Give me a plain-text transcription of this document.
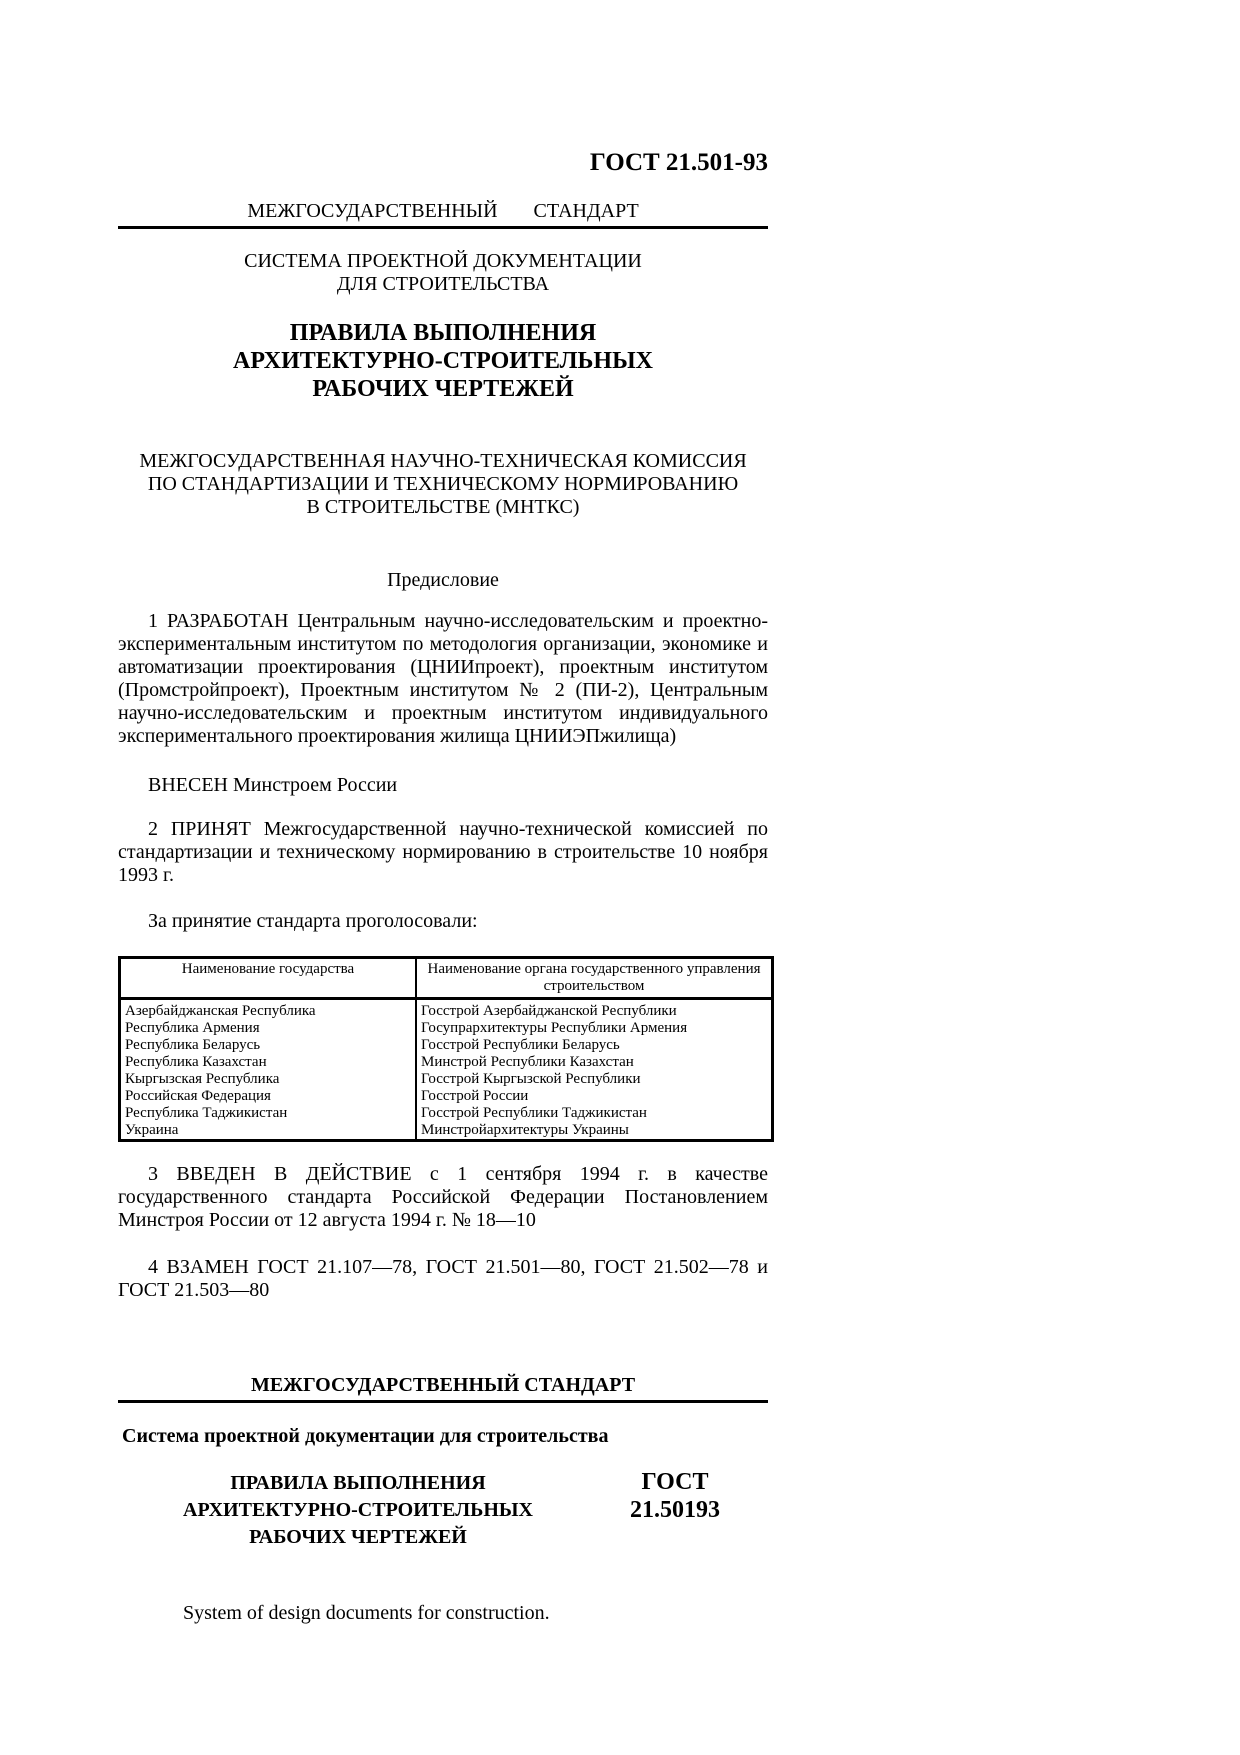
ГОСТ 21.501-93
МЕЖГОСУДАРСТВЕННЫЙ    СТАНДАРТ
СИСТЕМА ПРОЕКТНОЙ ДОКУМЕНТАЦИИ
ДЛЯ СТРОИТЕЛЬСТВА
ПРАВИЛА ВЫПОЛНЕНИЯ
АРХИТЕКТУРНО-СТРОИТЕЛЬНЫХ
РАБОЧИХ ЧЕРТЕЖЕЙ
МЕЖГОСУДАРСТВЕННАЯ НАУЧНО-ТЕХНИЧЕСКАЯ КОМИССИЯ
ПО СТАНДАРТИЗАЦИИ И ТЕХНИЧЕСКОМУ НОРМИРОВАНИЮ
В СТРОИТЕЛЬСТВЕ (МНТКС)
Предисловие

1 РАЗРАБОТАН Центральным научно-исследовательским и проектно-экспериментальным институтом по методология организации, экономике и автоматизации проектирования (ЦНИИпроект), проектным институтом (Промстройпроект), Проектным институтом № 2 (ПИ-2), Центральным научно-исследовательским и проектным институтом индивидуального экспериментального проектирования жилища ЦНИИЭПжилища)

ВНЕСЕН Минстроем России

2 ПРИНЯТ Межгосударственной научно-технической комиссией по стандартизации и техническому нормированию в строительстве 10 ноября 1993 г.

За принятие стандарта проголосовали:

Наименование государства	Наименование органа государственного управления строительством
Азербайджанская Республика	Госстрой Азербайджанской Республики
Республика Армения	Госупрархитектуры Республики Армения
Республика Беларусь	Госстрой Республики Беларусь
Республика Казахстан	Минстрой Республики Казахстан
Кыргызская Республика	Госстрой Кыргызской Республики
Российская Федерация	Госстрой России
Республика Таджикистан	Госстрой Республики Таджикистан
Украина	Минстройархитектуры Украины

3 ВВЕДЕН В ДЕЙСТВИЕ с 1 сентября 1994 г. в качестве государственного стандарта Российской Федерации Постановлением Минстроя России от 12 августа 1994 г. № 18—10

4 ВЗАМЕН ГОСТ 21.107—78, ГОСТ 21.501—80, ГОСТ 21.502—78 и ГОСТ 21.503—80

МЕЖГОСУДАРСТВЕННЫЙ СТАНДАРТ
Система проектной документации для строительства
ПРАВИЛА ВЫПОЛНЕНИЯ
АРХИТЕКТУРНО-СТРОИТЕЛЬНЫХ
РАБОЧИХ ЧЕРТЕЖЕЙ
ГОСТ
21.50193
System of design documents for construction.
